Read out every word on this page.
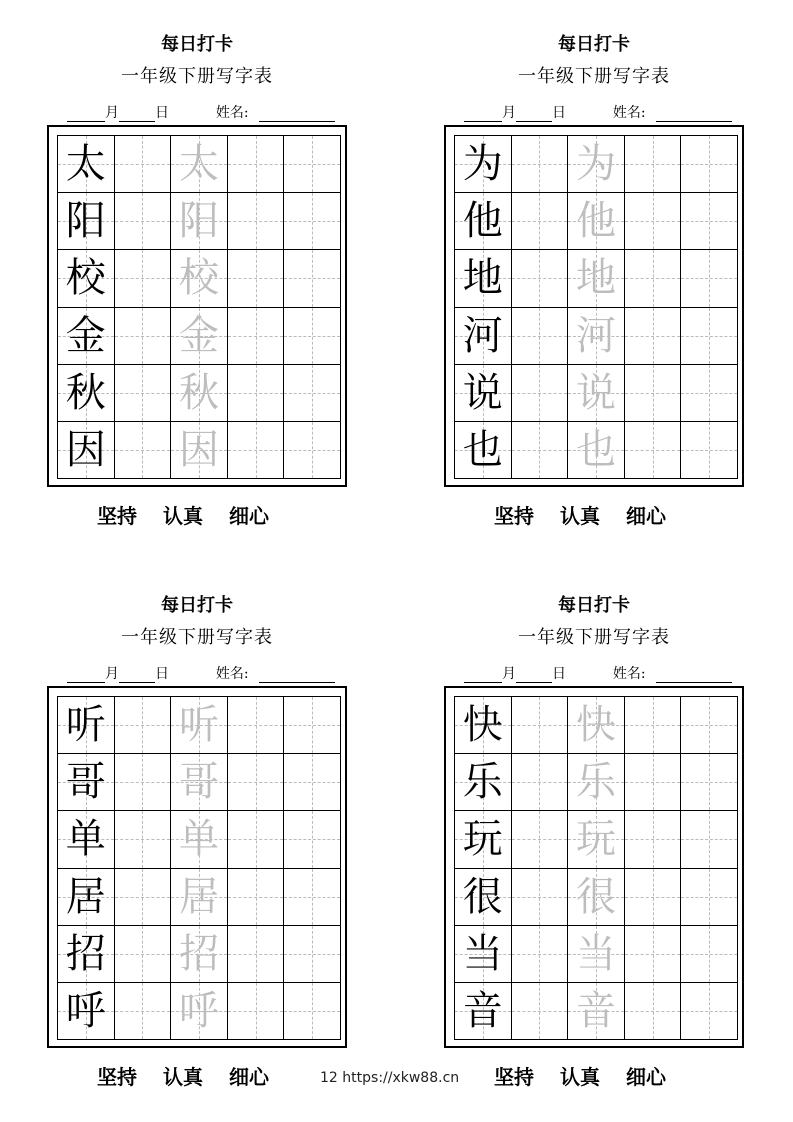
每日打卡
一年级下册写字表
月	日	姓名:
太 太
阳 阳
校 校
金 金
秋 秋
因 因
坚持 认真 细心
每日打卡
一年级下册写字表
月	日	姓名:
为 为
他 他
地 地
河 河
说 说
也 也
坚持 认真 细心
每日打卡
一年级下册写字表
月	日	姓名:
听 听
哥 哥
单 单
居 居
招 招
呼 呼
坚持 认真 细心
每日打卡
一年级下册写字表
月	日	姓名:
快 快
乐 乐
玩 玩
很 很
当 当
音 音
坚持 认真 细心
12 https://xkw88.cn
